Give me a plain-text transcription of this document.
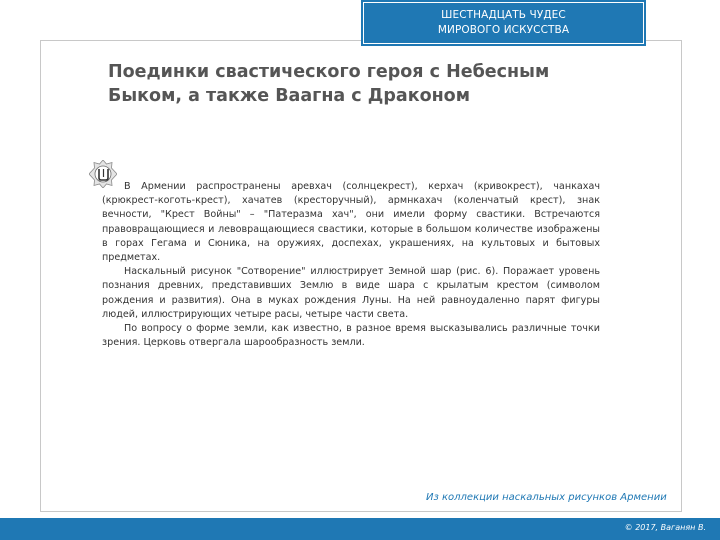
ШЕСТНАДЦАТЬ ЧУДЕС
МИРОВОГО ИСКУССТВА
Поединки свастического героя с Небесным
Быком, а также Ваагна с Драконом

В Армении распространены аревхач (солнцекрест), керхач (кривокрест), чанкахач (крюкрест-коготь-крест), хачатев (кресторучный), армнкахач (коленчатый крест), знак вечности, "Крест Войны" – "Патеразма хач", они имели форму свастики. Встречаются правовращающиеся и левовращающиеся свастики, которые в большом количестве изображены в горах Гегама и Сюника, на оружиях, доспехах, украшениях, на культовых и бытовых предметах.

Наскальный рисунок "Сотворение" иллюстрирует Земной шар (рис. 6). Поражает уровень познания древних, представивших Землю в виде шара с крылатым крестом (символом рождения и развития). Она в муках рождения Луны. На ней равноудаленно парят фигуры людей, иллюстрирующих четыре расы, четыре части света.

По вопросу о форме земли, как известно, в разное время высказывались различные точки зрения. Церковь отвергала шарообразность земли.

Из коллекции наскальных рисунков Армении
© 2017, Ваганян В.
